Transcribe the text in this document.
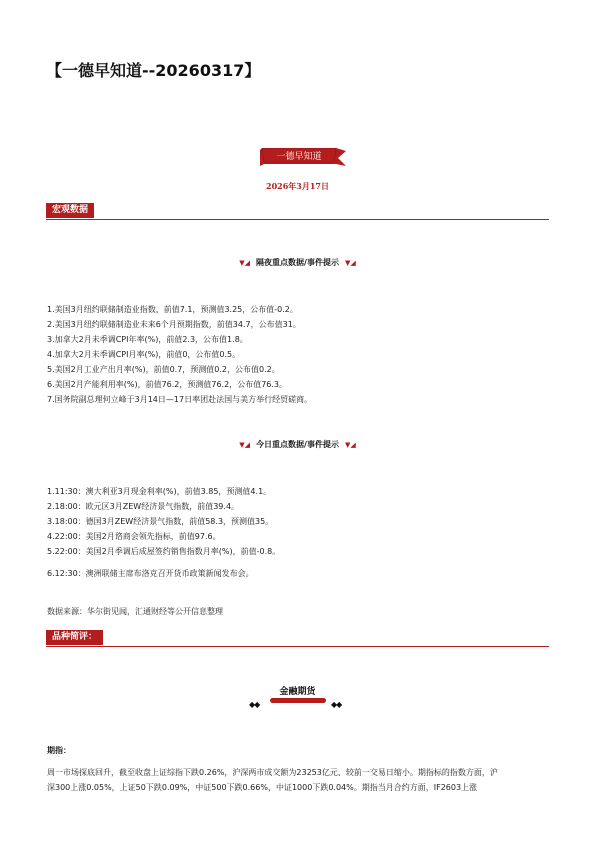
【一德早知道--20260317】
一德早知道
2026年3月17日
宏观数据
▼◢ 隔夜重点数据/事件提示 ▼◢
1.美国3月纽约联储制造业指数，前值7.1，预测值3.25，公布值-0.2。
2.美国3月纽约联储制造业未来6个月预期指数，前值34.7，公布值31。
3.加拿大2月未季调CPI年率(%)，前值2.3，公布值1.8。
4.加拿大2月未季调CPI月率(%)，前值0，公布值0.5。
5.美国2月工业产出月率(%)，前值0.7，预测值0.2，公布值0.2。
6.美国2月产能利用率(%)，前值76.2，预测值76.2，公布值76.3。
7.国务院副总理何立峰于3月14日—17日率团赴法国与美方举行经贸磋商。
▼◢ 今日重点数据/事件提示 ▼◢
1.11:30：澳大利亚3月现金利率(%)，前值3.85，预测值4.1。
2.18:00：欧元区3月ZEW经济景气指数，前值39.4。
3.18:00：德国3月ZEW经济景气指数，前值58.3，预测值35。
4.22:00：美国2月谘商会领先指标，前值97.6。
5.22:00：美国2月季调后成屋签约销售指数月率(%)，前值-0.8。
6.12:30：澳洲联储主席布洛克召开货币政策新闻发布会。
数据来源：华尔街见闻，汇通财经等公开信息整理
品种简评：
金融期货
◆◆	◆◆
期指：
周一市场探底回升，截至收盘上证综指下跌0.26%，沪深两市成交额为23253亿元、较前一交易日缩小。期指标的指数方面，沪
深300上涨0.05%，上证50下跌0.09%，中证500下跌0.66%，中证1000下跌0.04%。期指当月合约方面，IF2603上涨
